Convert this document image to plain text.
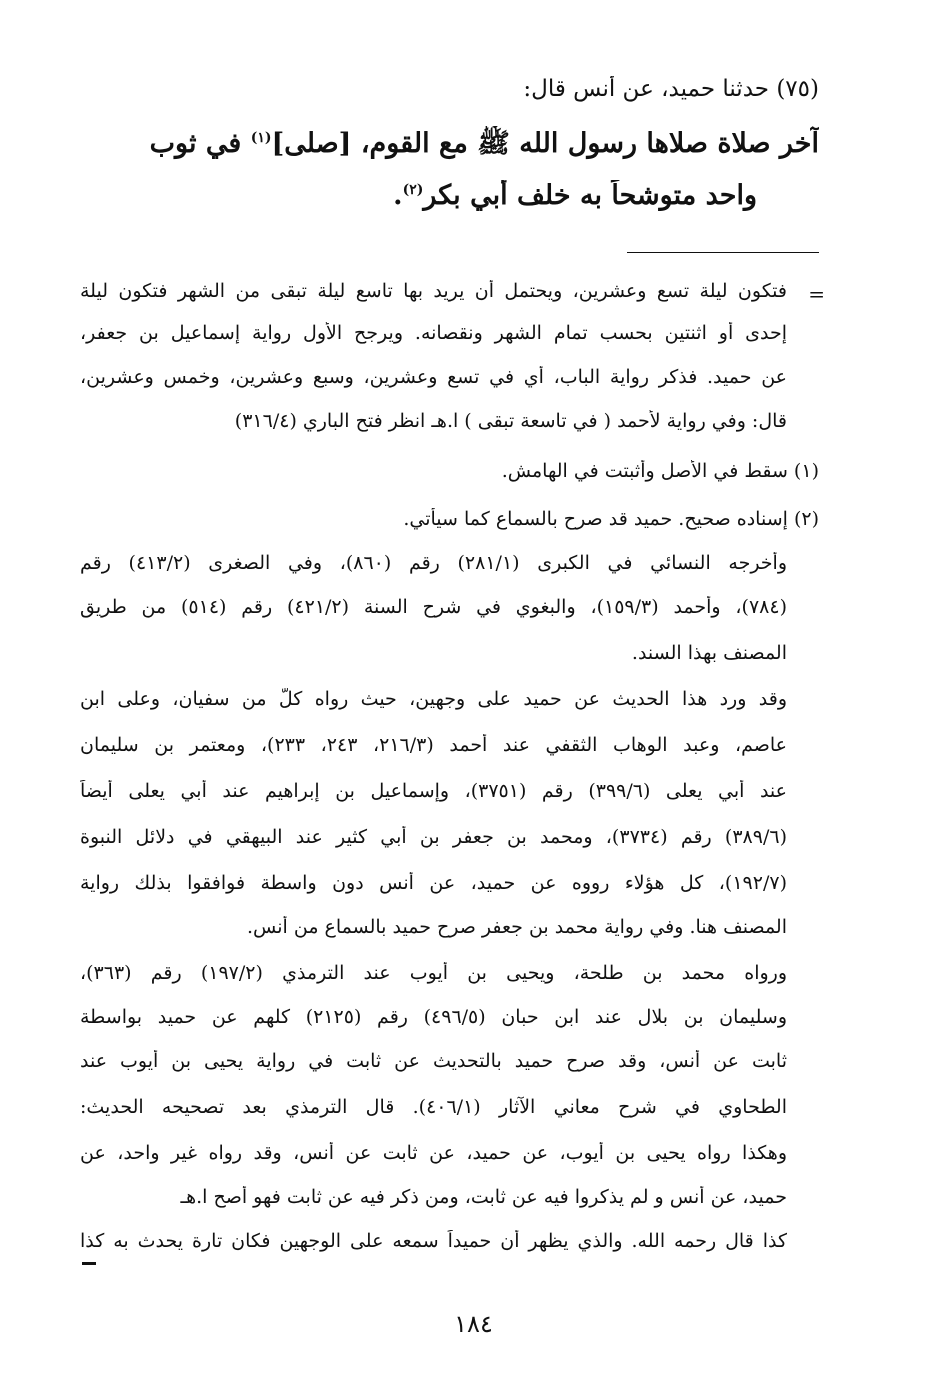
(٧٥) حدثنا حميد، عن أنس قال:
آخر صلاة صلاها رسول الله ﷺ مع القوم، [صلى]$^{(١)}$ في ثوب
واحد متوشحاً به خلف أبي بكر$^{(٢)}$.
=
فتكون ليلة تسع وعشرين، ويحتمل أن يريد بها تاسع ليلة تبقى من الشهر فتكون ليلة
إحدى أو اثنتين بحسب تمام الشهر ونقصانه. ويرجح الأول رواية إسماعيل بن جعفر،
عن حميد. فذكر رواية الباب، أي في تسع وعشرين، وسبع وعشرين، وخمس وعشرين،
قال: وفي رواية لأحمد ( في تاسعة تبقى ) ا.هـ انظر فتح الباري (٣١٦/٤)
(١) سقط في الأصل وأثبتت في الهامش.
(٢) إسناده صحيح. حميد قد صرح بالسماع كما سيأتي.
وأخرجه النسائي في الكبرى (٢٨١/١) رقم (٨٦٠)، وفي الصغرى (٤١٣/٢) رقم
(٧٨٤)، وأحمد (١٥٩/٣)، والبغوي في شرح السنة (٤٢١/٢) رقم (٥١٤) من طريق
المصنف بهذا السند.
وقد ورد هذا الحديث عن حميد على وجهين، حيث رواه كلٌّ من سفيان، وعلى ابن
عاصم، وعبد الوهاب الثقفي عند أحمد (٢١٦/٣، ٢٤٣، ٢٣٣)، ومعتمر بن سليمان
عند أبي يعلى (٣٩٩/٦) رقم (٣٧٥١)، وإسماعيل بن إبراهيم عند أبي يعلى أيضاً
(٣٨٩/٦) رقم (٣٧٣٤)، ومحمد بن جعفر بن أبي كثير عند البيهقي في دلائل النبوة
(١٩٢/٧)، كل هؤلاء رووه عن حميد، عن أنس دون واسطة فوافقوا بذلك رواية
المصنف هنا. وفي رواية محمد بن جعفر صرح حميد بالسماع من أنس.
ورواه محمد بن طلحة، ويحيى بن أيوب عند الترمذي (١٩٧/٢) رقم (٣٦٣)،
وسليمان بن بلال عند ابن حبان (٤٩٦/٥) رقم (٢١٢٥) كلهم عن حميد بواسطة
ثابت عن أنس، وقد صرح حميد بالتحديث عن ثابت في رواية يحيى بن أيوب عند
الطحاوي في شرح معاني الآثار (٤٠٦/١). قال الترمذي بعد تصحيحه الحديث:
وهكذا رواه يحيى بن أيوب، عن حميد، عن ثابت عن أنس، وقد رواه غير واحد، عن
حميد، عن أنس و لم يذكروا فيه عن ثابت، ومن ذكر فيه عن ثابت فهو أصح ا.هـ
كذا قال رحمه الله. والذي يظهر أن حميداً سمعه على الوجهين فكان تارة يحدث به كذا
١٨٤
